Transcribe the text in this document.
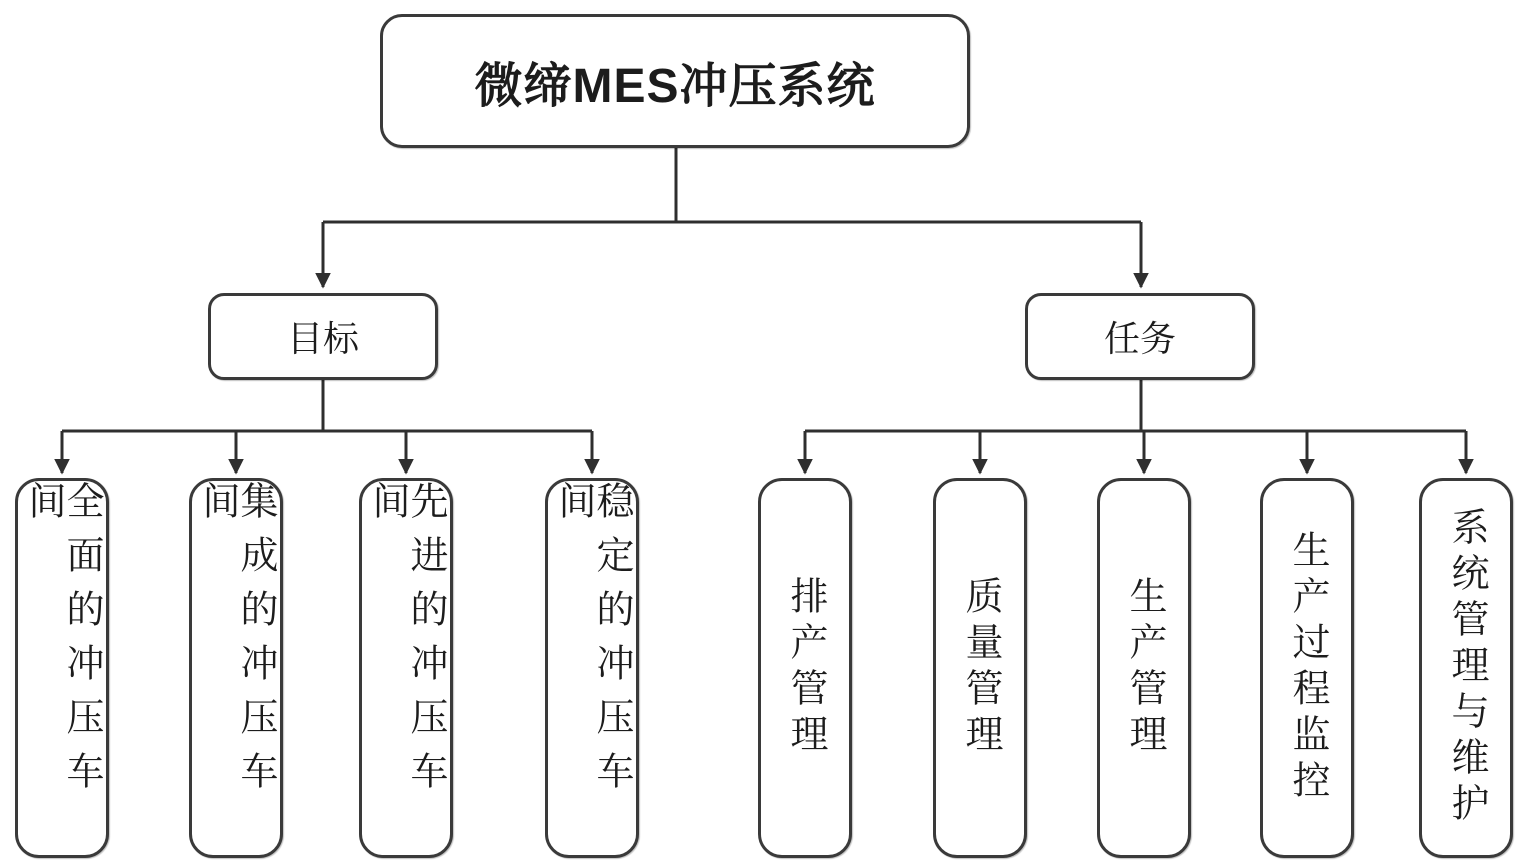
微缔MES冲压系统
目标	任务
全面的冲压车间	集成的冲压车间	先进的冲压车间	稳定的冲压车间
排产管理	质量管理	生产管理	生产过程监控	系统管理与维护
